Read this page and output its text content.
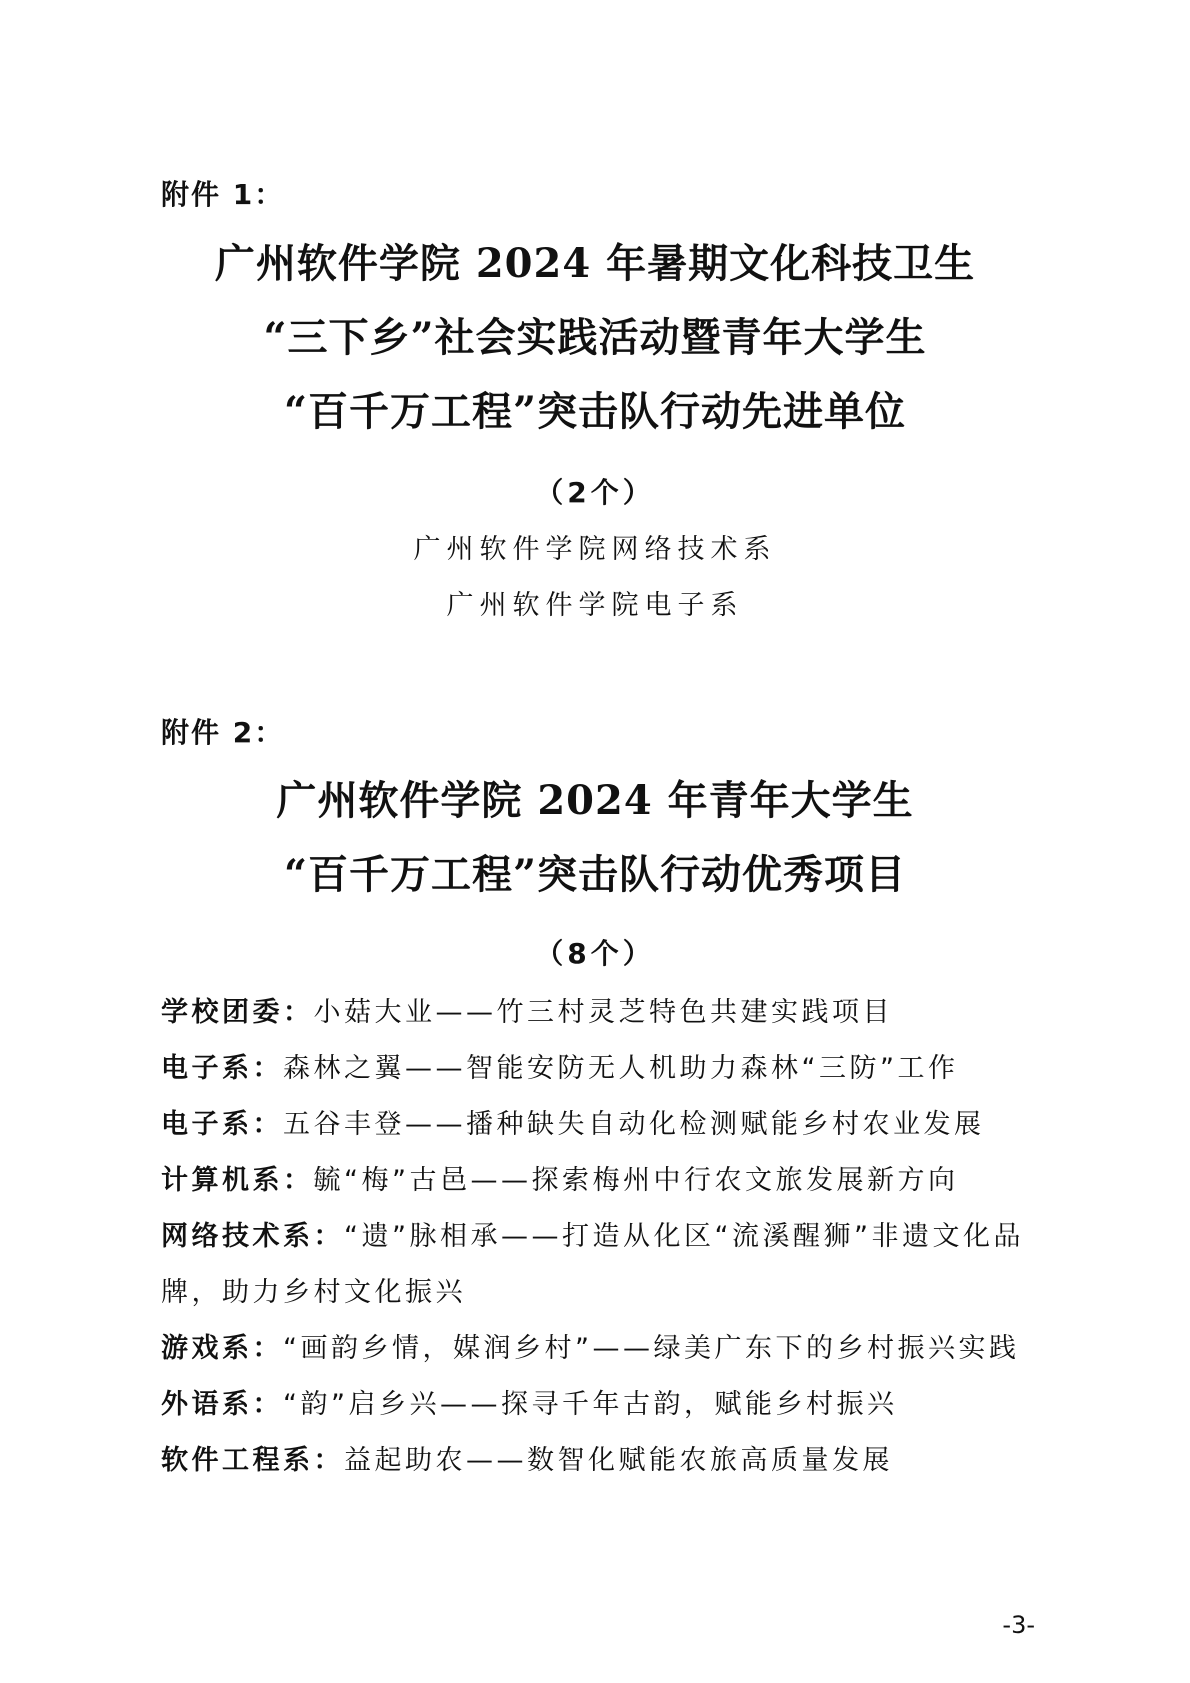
附件 1：
广州软件学院 2024 年暑期文化科技卫生
“三下乡”社会实践活动暨青年大学生
“百千万工程”突击队行动先进单位
（2个）
广州软件学院网络技术系
广州软件学院电子系
附件 2：
广州软件学院 2024 年青年大学生
“百千万工程”突击队行动优秀项目
（8个）
学校团委：小菇大业——竹三村灵芝特色共建实践项目
电子系：森林之翼——智能安防无人机助力森林“三防”工作
电子系：五谷丰登——播种缺失自动化检测赋能乡村农业发展
计算机系：毓“梅”古邑——探索梅州中行农文旅发展新方向
网络技术系：“遗”脉相承——打造从化区“流溪醒狮”非遗文化品牌，助力乡村文化振兴
游戏系：“画韵乡情，媒润乡村”——绿美广东下的乡村振兴实践
外语系：“韵”启乡兴——探寻千年古韵，赋能乡村振兴
软件工程系：益起助农——数智化赋能农旅高质量发展
-3-
